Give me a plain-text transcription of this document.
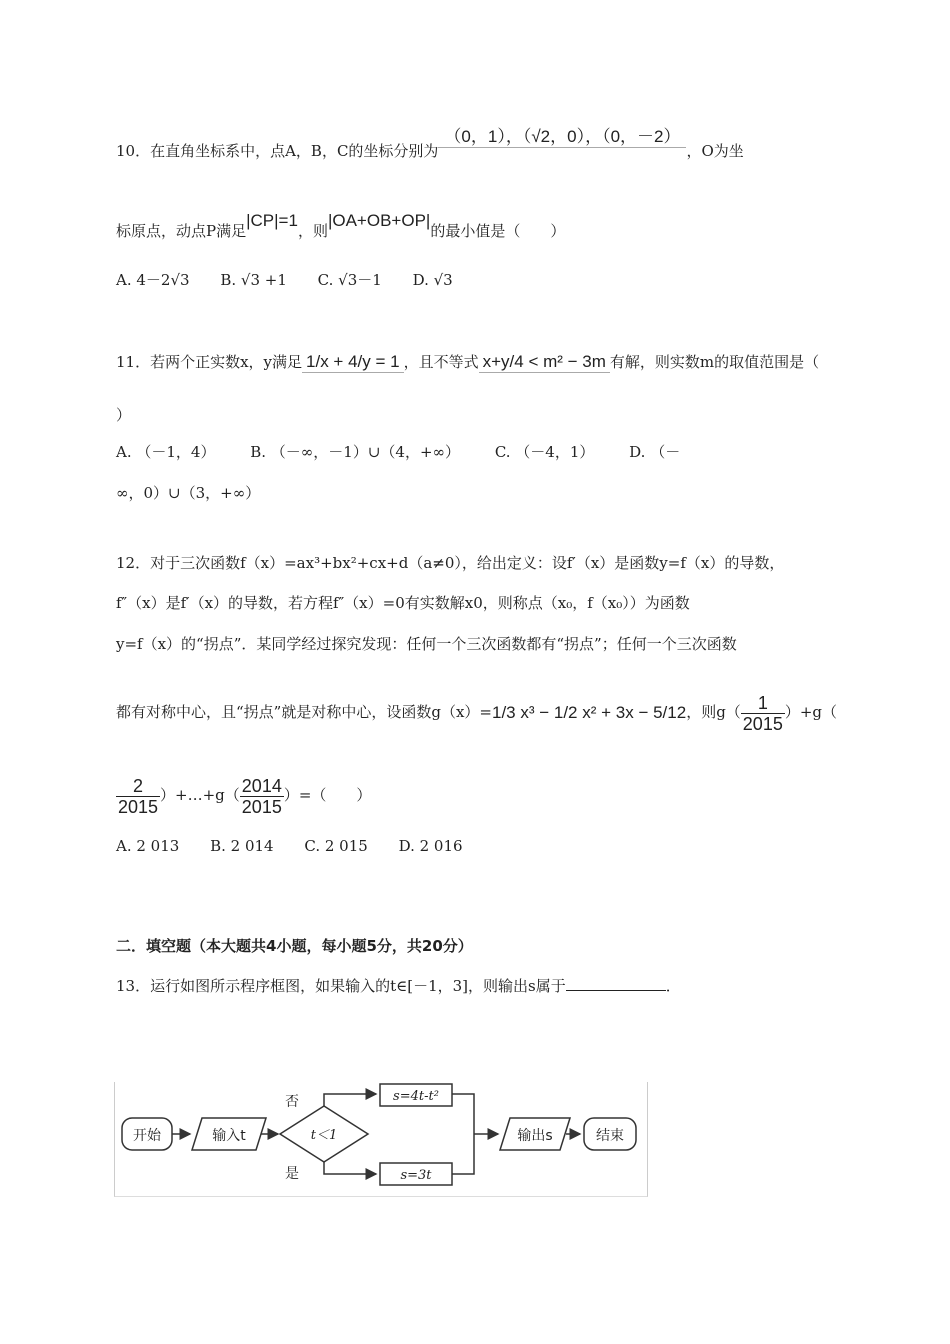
10．在直角坐标系中，点A，B，C的坐标分别为（0，1），（√2，0），（0，－2），O为坐
标原点，动点P满足|CP|=1，则|OA+OB+OP|的最小值是（　　）
A. 4－2√3 B. √3 +1 C. √3－1 D. √3
11．若两个正实数x，y满足 1/x + 4/y = 1 ，且不等式 x+y/4 < m² − 3m 有解，则实数m的取值范围是（
）
A. （－1，4） B. （－∞，－1）∪（4，+∞） C. （－4，1） D. （－
∞，0）∪（3，+∞）
12．对于三次函数f（x）=ax³+bx²+cx+d（a≠0），给出定义：设f′（x）是函数y=f（x）的导数，
f″（x）是f′（x）的导数，若方程f″（x）=0有实数解x0，则称点（x₀，f（x₀））为函数
y=f（x）的“拐点”．某同学经过探究发现：任何一个三次函数都有“拐点”；任何一个三次函数
都有对称中心，且“拐点”就是对称中心，设函数g（x）=1/3 x³ − 1/2 x² + 3x − 5/12，则$g( \frac{1}{2015} )+g$（
$\frac{2}{2015}$ ）+…+g（ $\frac{2014}{2015}$ ）=（　　）
A. 2 013 B. 2 014 C. 2 015 D. 2 016
二．填空题（本大题共4小题，每小题5分，共20分）
13．运行如图所示程序框图，如果输入的t∈[－1，3]，则输出s属于	．
开始	输入t	t＜1
否
是
s=4t-t²
s=3t
输出s	结束
